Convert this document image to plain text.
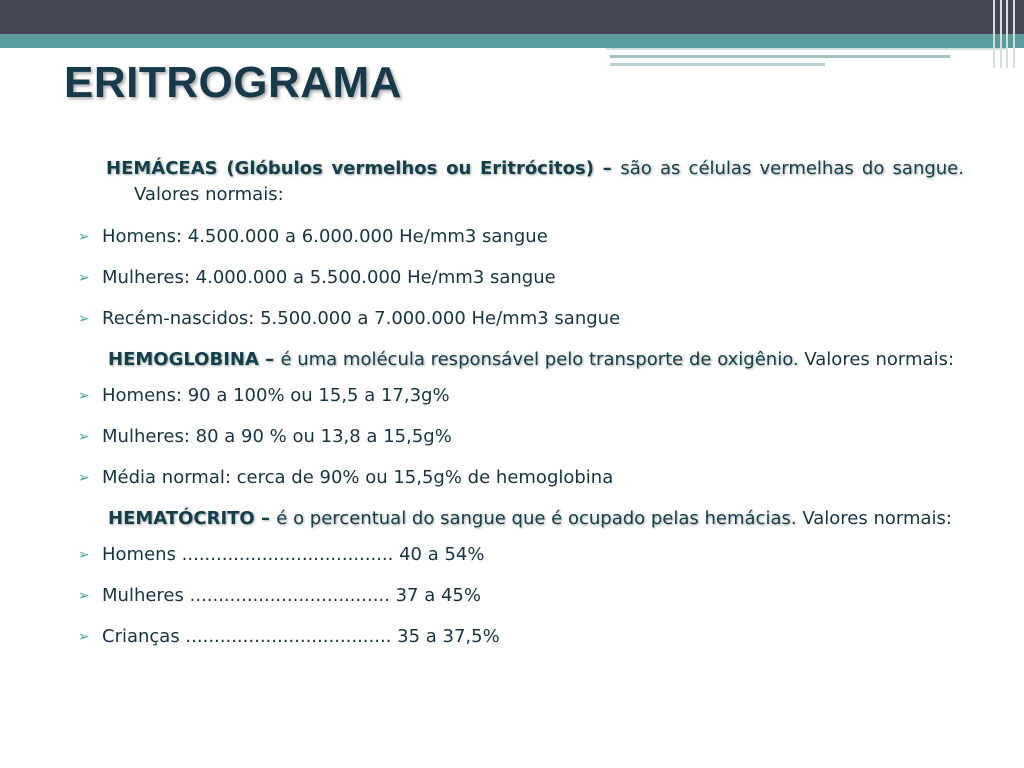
ERITROGRAMA

HEMÁCEAS (Glóbulos vermelhos ou Eritrócitos) – são as células vermelhas do sangue. Valores normais:

➢ Homens: 4.500.000 a 6.000.000 He/mm3 sangue
➢ Mulheres: 4.000.000 a 5.500.000 He/mm3 sangue
➢ Recém-nascidos: 5.500.000 a 7.000.000 He/mm3 sangue

HEMOGLOBINA – é uma molécula responsável pelo transporte de oxigênio. Valores normais:

➢ Homens: 90 a 100% ou 15,5 a 17,3g%
➢ Mulheres: 80 a 90 % ou 13,8 a 15,5g%
➢ Média normal: cerca de 90% ou 15,5g% de hemoglobina

HEMATÓCRITO – é o percentual do sangue que é ocupado pelas hemácias. Valores normais:

➢ Homens ..................................... 40 a 54%
➢ Mulheres ................................... 37 a 45%
➢ Crianças .................................... 35 a 37,5%
